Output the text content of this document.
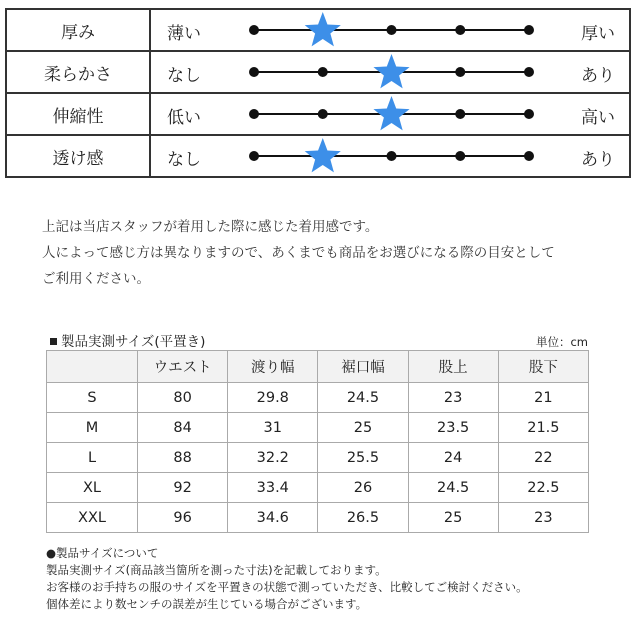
厚み	薄い 厚い

柔らかさ	なし あり

伸縮性	低い 高い

透け感	なし あり
上記は当店スタッフが着用した際に感じた着用感です。
人によって感じ方は異なりますので、あくまでも商品をお選びになる際の目安として
ご利用ください。
製品実測サイズ(平置き)	単位：cm
	ウエスト	渡り幅	裾口幅	股上	股下
S	80	29.8	24.5	23	21
M	84	31	25	23.5	21.5
L	88	32.2	25.5	24	22
XL	92	33.4	26	24.5	22.5
XXL	96	34.6	26.5	25	23
●製品サイズについて
製品実測サイズ(商品該当箇所を測った寸法)を記載しております。
お客様のお手持ちの服のサイズを平置きの状態で測っていただき、比較してご検討ください。
個体差により数センチの誤差が生じている場合がございます。
